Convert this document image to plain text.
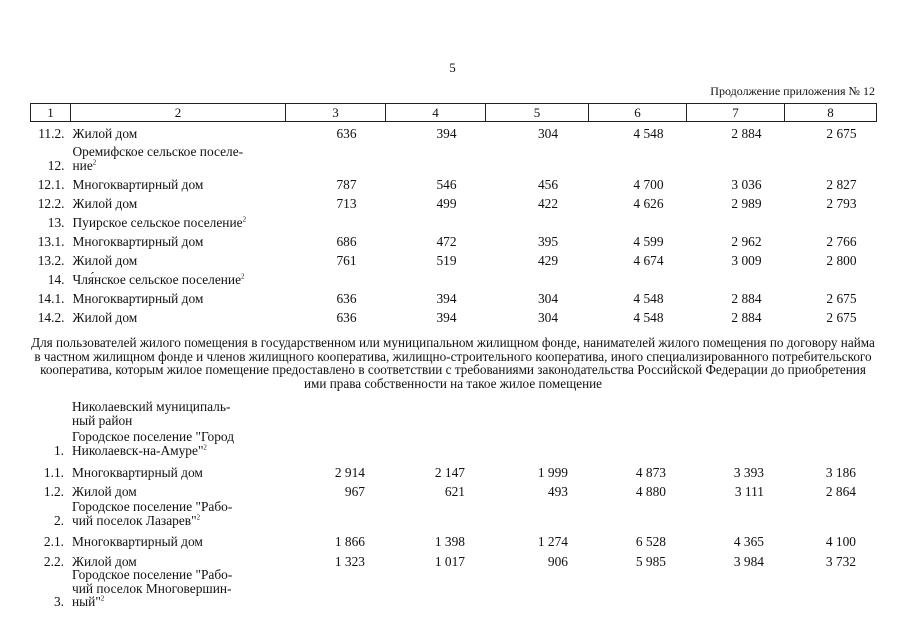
5
Продолжение приложения № 12
1	2	3	4	5	6	7	8
11.2.	Жилой дом	636	394	304	4 548	2 884	2 675
12.	Оремифское сельское поселе-
ние$^2$						
12.1.	Многоквартирный дом	787	546	456	4 700	3 036	2 827
12.2.	Жилой дом	713	499	422	4 626	2 989	2 793
13.	Пуирское сельское поселение$^2$						
13.1.	Многоквартирный дом	686	472	395	4 599	2 962	2 766
13.2.	Жилой дом	761	519	429	4 674	3 009	2 800
14.	Чля́нское сельское поселение$^2$						
14.1.	Многоквартирный дом	636	394	304	4 548	2 884	2 675
14.2.	Жилой дом	636	394	304	4 548	2 884	2 675
Для пользователей жилого помещения в государственном или муниципальном жилищном фонде, нанимателей жилого помещения по договору найма в частном жилищном фонде и членов жилищного кооператива, жилищно-строительного кооператива, иного специализированного потребительского кооператива, которым жилое помещение предоставлено в соответствии с требованиями законодательства Российской Федерации до приобретения ими права собственности на такое жилое помещение
	Николаевский муниципаль-
ный район						
1.	Городское поселение "Город
Николаевск-на-Амуре"$^2$						
1.1.	Многоквартирный дом	2 914	2 147	1 999	4 873	3 393	3 186
1.2.	Жилой дом	967	621	493	4 880	3 111	2 864
2.	Городское поселение "Рабо-
чий поселок Лазарев"$^2$						
2.1.	Многоквартирный дом	1 866	1 398	1 274	6 528	4 365	4 100
2.2.	Жилой дом	1 323	1 017	906	5 985	3 984	3 732
3.	Городское поселение "Рабо-
чий поселок Многовершин-
ный"$^2$						
